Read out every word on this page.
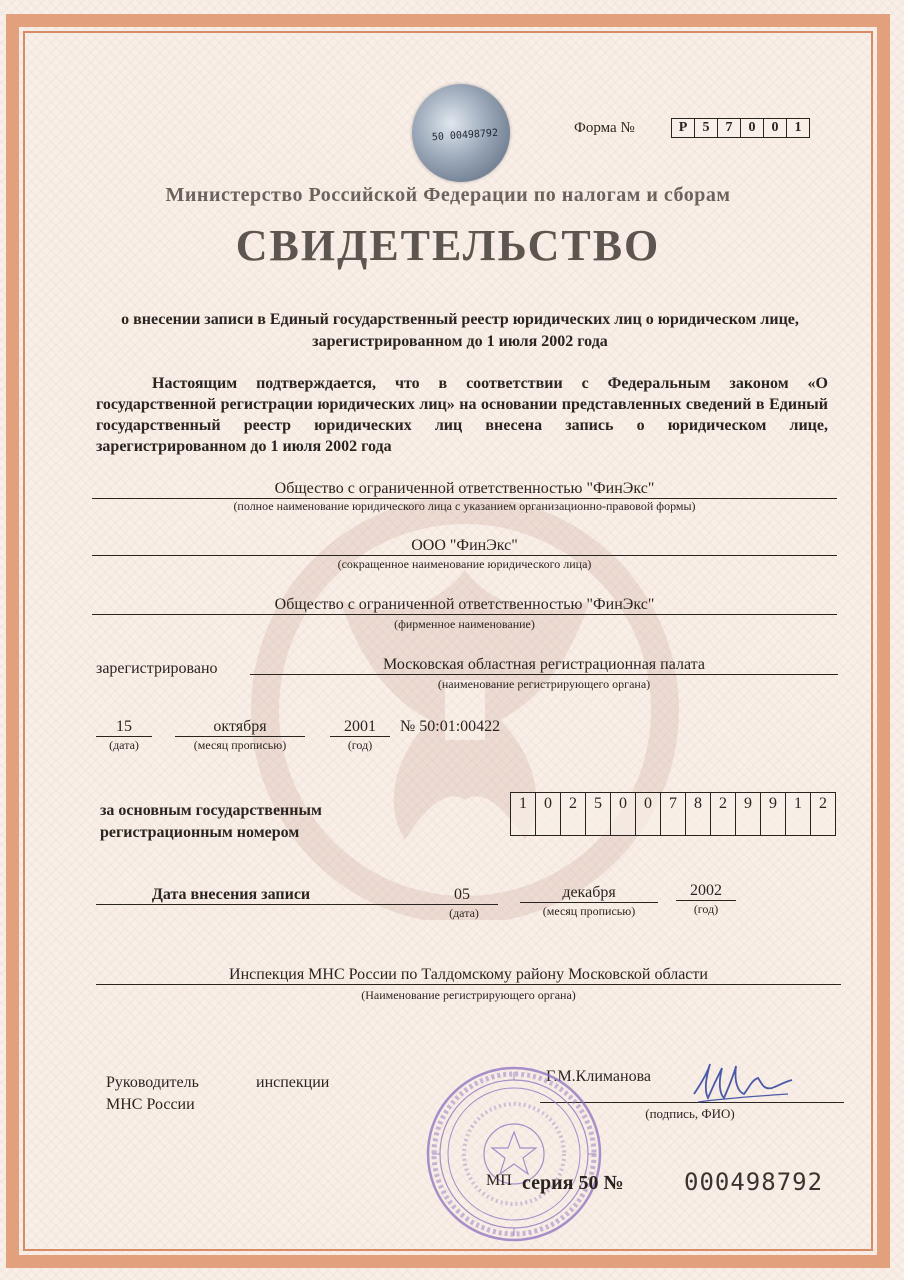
50 00498792	Форма №	Р	5	7	0	0	1
Министерство Российской Федерации по налогам и сборам
СВИДЕТЕЛЬСТВО
о внесении записи в Единый государственный реестр юридических лиц о юридическом лице, зарегистрированном до 1 июля 2002 года
Настоящим подтверждается, что в соответствии с Федеральным законом «О государственной регистрации юридических лиц» на основании представленных сведений в Единый государственный реестр юридических лиц внесена запись о юридическом лице, зарегистрированном до 1 июля 2002 года
Общество с ограниченной ответственностью "ФинЭкс"
(полное наименование юридического лица с указанием организационно-правовой формы)
ООО "ФинЭкс"
(сокращенное наименование юридического лица)
Общество с ограниченной ответственностью "ФинЭкс"
(фирменное наименование)
зарегистрировано	Московская областная регистрационная палата
(наименование регистрирующего органа)
15
(дата)
октября
(месяц прописью)
2001
(год)
№ 50:01:00422
за основным государственным регистрационным номером
1	0	2	5	0	0	7	8	2	9	9	1	2
Дата внесения записи	05
(дата)
декабря
(месяц прописью)
2002
(год)
Инспекция МНС России по Талдомскому району Московской области
(Наименование регистрирующего органа)
Руководитель	инспекции
МНС России
Г.М.Климанова
(подпись, ФИО)
МП серия 50 №	000498792
